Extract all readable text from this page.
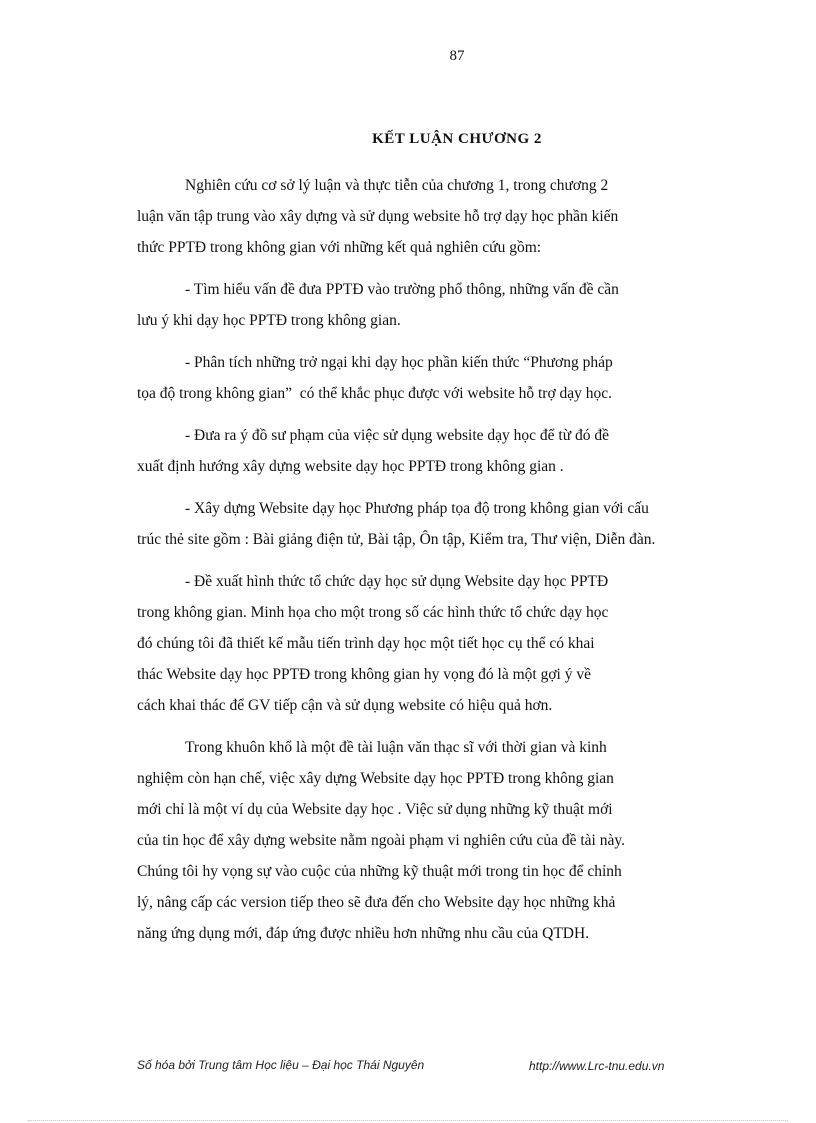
87
KẾT LUẬN CHƯƠNG 2
Nghiên cứu cơ sở lý luận và thực tiễn của chương 1, trong chương 2
luận văn tập trung vào xây dựng và sử dụng website hỗ trợ dạy học phần kiến
thức PPTĐ trong không gian với những kết quả nghiên cứu gồm:
- Tìm hiểu vấn đề đưa PPTĐ vào trường phổ thông, những vấn đề cần
lưu ý khi dạy học PPTĐ trong không gian.
- Phân tích những trở ngại khi dạy học phần kiến thức “Phương pháp
tọa độ trong không gian”  có thể khắc phục được với website hỗ trợ dạy học.
- Đưa ra ý đồ sư phạm của việc sử dụng website dạy học để từ đó đề
xuất định hướng xây dựng website dạy học PPTĐ trong không gian .
- Xây dựng Website dạy học Phương pháp tọa độ trong không gian với cấu
trúc thẻ site gồm : Bài giảng điện tử, Bài tập, Ôn tập, Kiểm tra, Thư viện, Diễn đàn.
- Đề xuất hình thức tổ chức dạy học sử dụng Website dạy học PPTĐ
trong không gian. Minh họa cho một trong số các hình thức tổ chức dạy học
đó chúng tôi đã thiết kế mẫu tiến trình dạy học một tiết học cụ thể có khai
thác Website dạy học PPTĐ trong không gian hy vọng đó là một gợi ý về
cách khai thác để GV tiếp cận và sử dụng website có hiệu quả hơn.
Trong khuôn khổ là một đề tài luận văn thạc sĩ với thời gian và kinh
nghiệm còn hạn chế, việc xây dựng Website dạy học PPTĐ trong không gian
mới chỉ là một ví dụ của Website dạy học . Việc sử dụng những kỹ thuật mới
của tin học để xây dựng website nằm ngoài phạm vi nghiên cứu của đề tài này.
Chúng tôi hy vọng sự vào cuộc của những kỹ thuật mới trong tin học để chỉnh
lý, nâng cấp các version tiếp theo sẽ đưa đến cho Website dạy học những khả
năng ứng dụng mới, đáp ứng được nhiều hơn những nhu cầu của QTDH.
Số hóa bởi Trung tâm Học liệu – Đại học Thái Nguyên	http://www.Lrc-tnu.edu.vn
